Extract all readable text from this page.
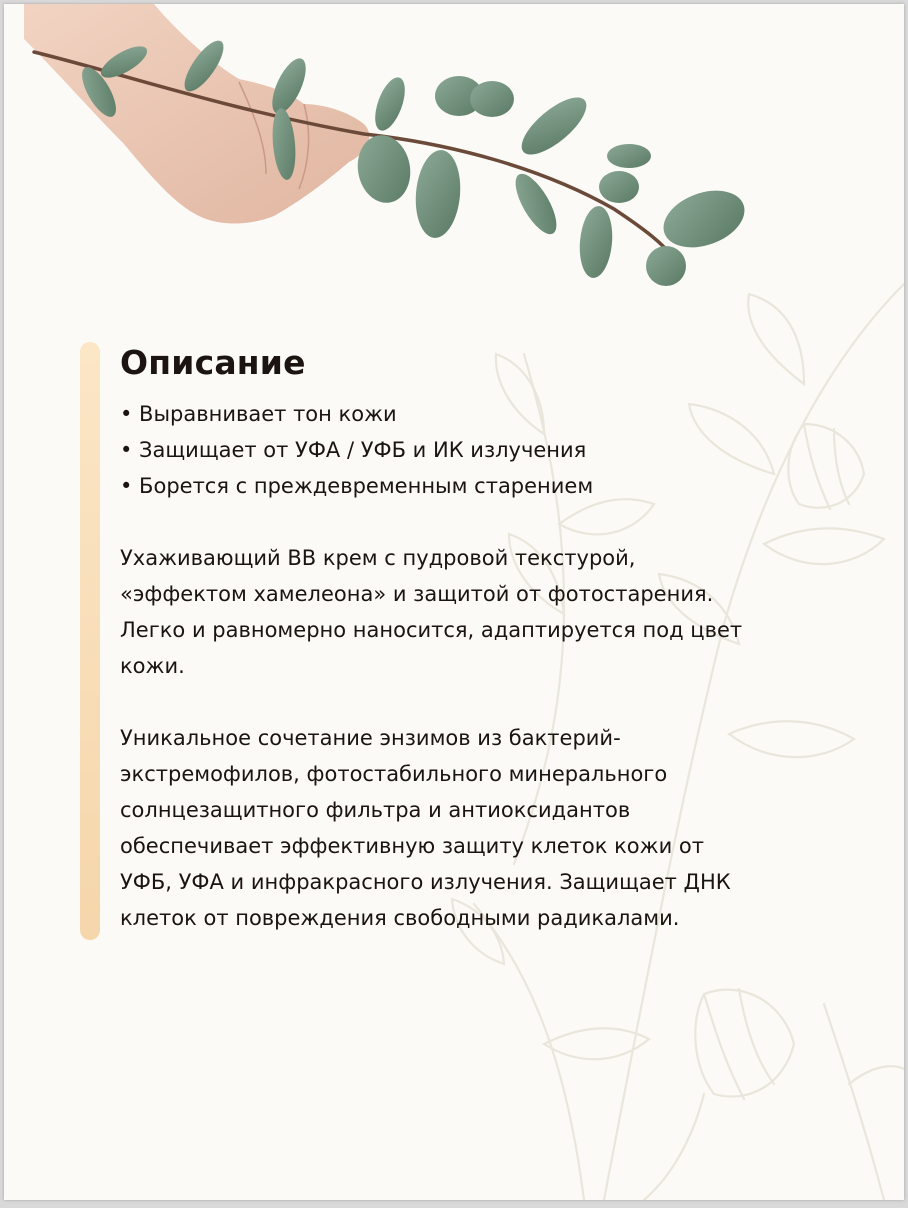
Описание
• Выравнивает тон кожи
• Защищает от УФА / УФБ и ИК излучения
• Борется с преждевременным старением

Ухаживающий ВВ крем с пудровой текстурой,
«эффектом хамелеона» и защитой от фотостарения.
Легко и равномерно наносится, адаптируется под цвет
кожи.

Уникальное сочетание энзимов из бактерий-
экстремофилов, фотостабильного минерального
солнцезащитного фильтра и антиоксидантов
обеспечивает эффективную защиту клеток кожи от
УФБ, УФА и инфракрасного излучения. Защищает ДНК
клеток от повреждения свободными радикалами.
